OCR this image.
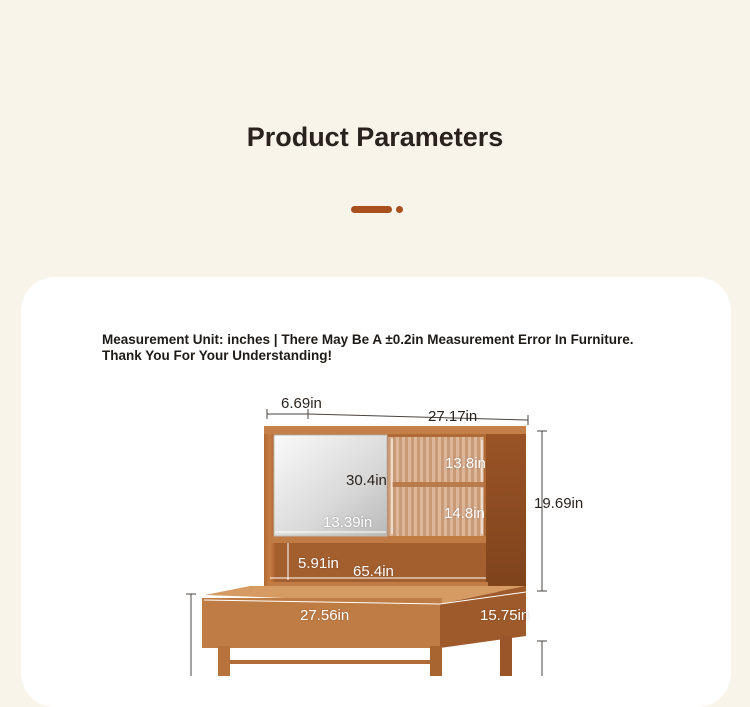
Product Parameters
Measurement Unit: inches | There May Be A ±0.2in Measurement Error In Furniture.
Thank You For Your Understanding!
6.69in
27.17in
30.4in
13.8in
14.8in
19.69in
13.39in
5.91in 65.4in
27.56in	15.75in
